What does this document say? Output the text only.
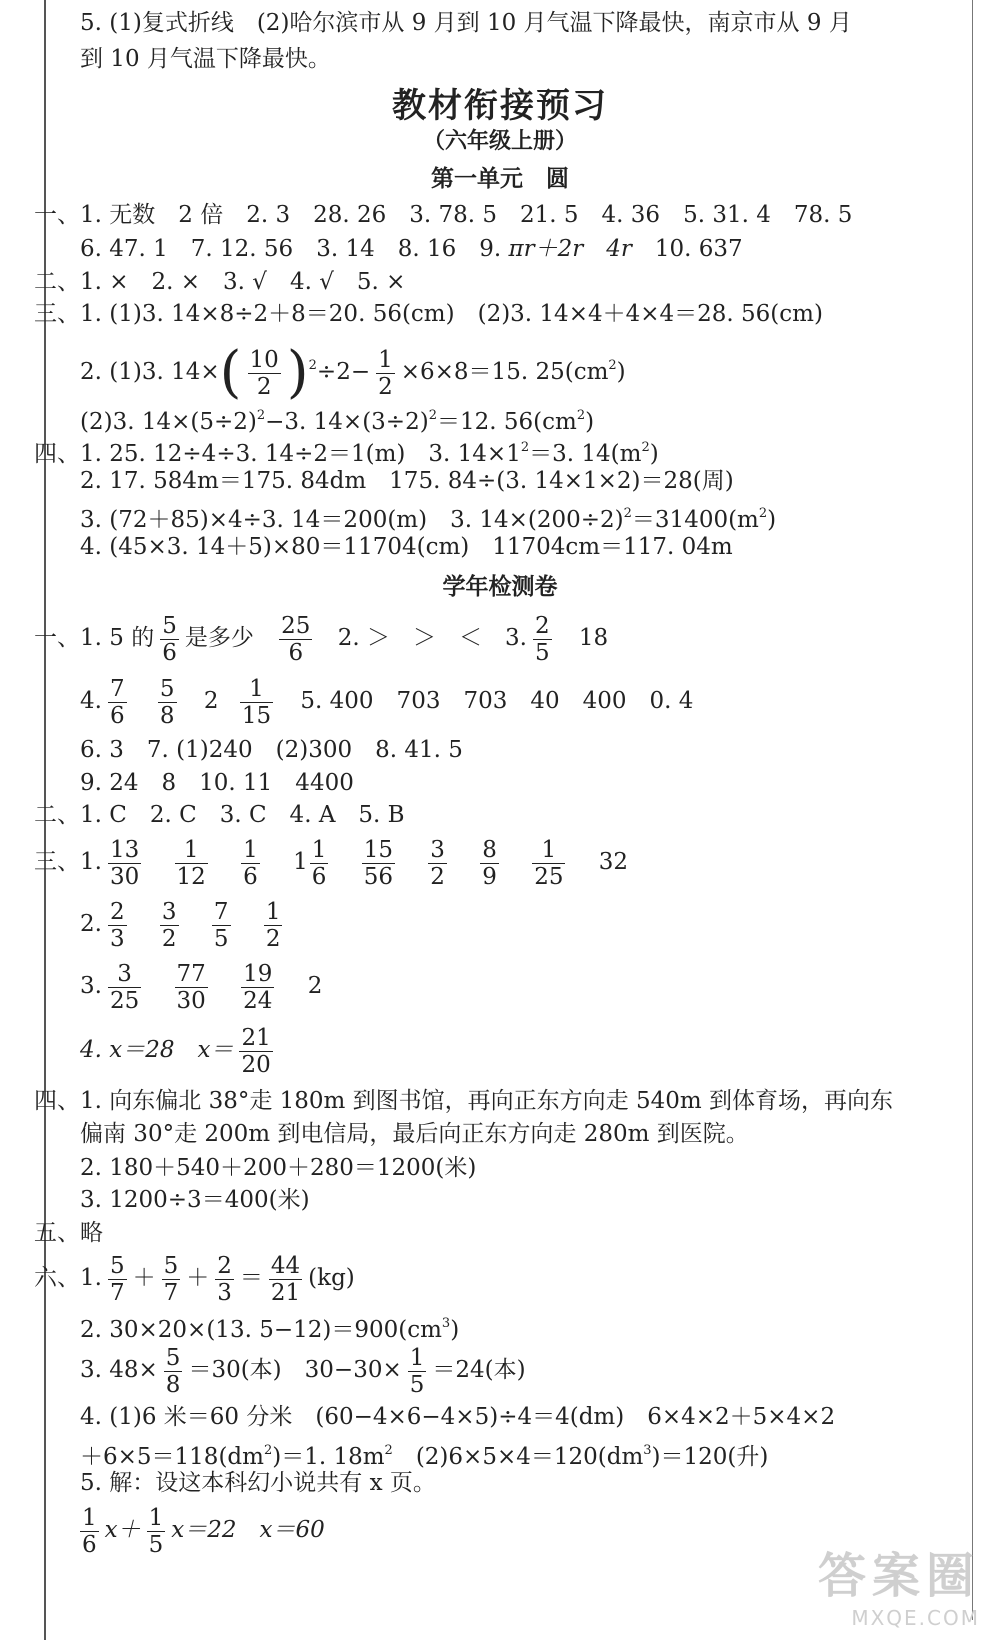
5. (1)复式折线　(2)哈尔滨市从 9 月到 10 月气温下降最快，南京市从 9 月
到 10 月气温下降最快。
教材衔接预习
（六年级上册）
第一单元　圆
一、1. 无数　2 倍　2. 3　28. 26　3. 78. 5　21. 5　4. 36　5. 31. 4　78. 5
6. 47. 1　7. 12. 56　3. 14　8. 16　9. πr＋2r　4r　10. 637
二、1. ×　2. ×　3. √　4. √　5. ×
三、1. (1)3. 14×8÷2＋8＝20. 56(cm)　(2)3. 14×4＋4×4＝28. 56(cm)
2. (1)3. $14\times( \frac{10}{2} )^2\div 2- \frac{1}{2} \times 6\times 8=15$. $25(cm^2)$
(2)3. $14\times(5\div 2)^2-3$. $14\times(3\div 2)^2=12$. $56(cm^2)$
四、1. 25. 12÷4÷3. 14÷2＝1(m)　3. $14\times 1^2=3$. $14(m^2)$
2. 17. 584m＝175. 84dm　175. 84÷(3. 14×1×2)＝28(周)
3. (72＋85)×4÷3. 14＝200(m)　3. $14\times(200\div 2)^2=31400(m^2)$
4. (45×3. 14＋5)×80＝11704(cm)　11704cm＝117. 04m
学年检测卷
一、1. 5 的 $\frac{5}{6}$ 是多少 $\frac{25}{6} 2$. ＞　＞　＜　3. $\frac{2}{5} 18$
4. $\frac{7}{6}$
$\frac{5}{8} 2 \frac{1}{15} 5$. 400　703　703　40　400　0. 4
6. 3　7. (1)240　(2)300　8. 41. 5
9. 24　8　10. 11　4400
二、1. C　2. C　3. C　4. A　5. B
三、1. $\frac{13}{30}$
$\frac{1}{12}$
$\frac{1}{6} 1 \frac{1}{6}$
$\frac{15}{56}$
$\frac{3}{2}$
$\frac{8}{9}$
$\frac{1}{25} 32$
2. $\frac{2}{3}$
$\frac{3}{2}$
$\frac{7}{5}$
$\frac{1}{2}$
3. $\frac{3}{25}$
$\frac{77}{30}$
$\frac{19}{24} 2$
4. x＝28　$x= \frac{21}{20}$
四、1. 向东偏北 38°走 180m 到图书馆，再向正东方向走 540m 到体育场，再向东
偏南 30°走 200m 到电信局，最后向正东方向走 280m 到医院。
2. 180＋540＋200＋280＝1200(米)
3. 1200÷3＝400(米)
五、略
六、1. $\frac{5}{7} + \frac{5}{7} + \frac{2}{3} = \frac{44}{21} (kg)$
2. 30×20×(13. $5-12)=900(cm^3)$
3. $48\times \frac{5}{8} =30$(本)　$30-30\times \frac{1}{5} =24$(本)
4. (1)6 米＝60 分米　(60−4×6−4×5)÷4＝4(dm)　6×4×2＋5×4×2
$+6\times 5=118(dm^2)=1$. $18m^2$　$(2)6\times 5\times 4=120(dm^3)=120$(升)
5. 解：设这本科幻小说共有 x 页。
$\frac{1}{6} x+ \frac{1}{5} x=22$　x＝60
答案圈
MXQE.COM
